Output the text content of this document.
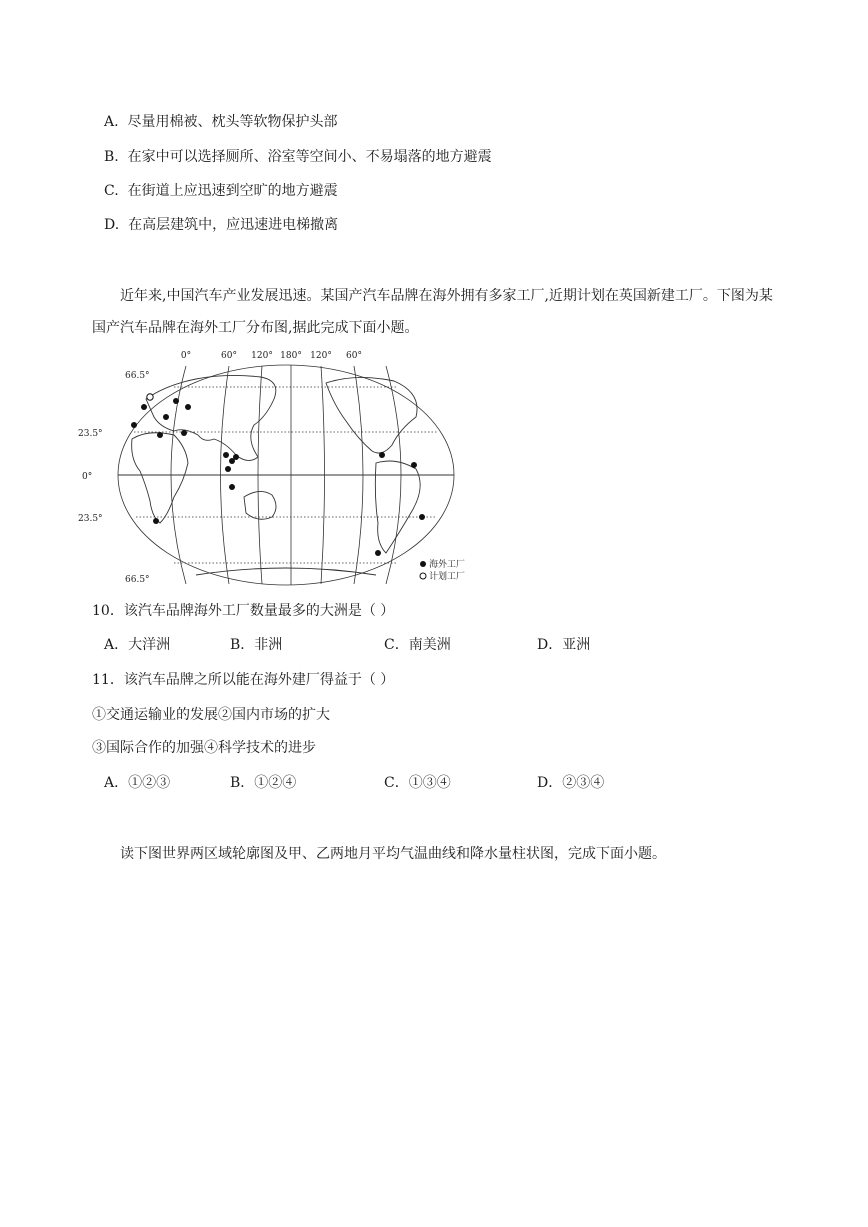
A. 尽量用棉被、枕头等软物保护头部
B. 在家中可以选择厕所、浴室等空间小、不易塌落的地方避震
C. 在街道上应迅速到空旷的地方避震
D. 在高层建筑中，应迅速进电梯撤离
近年来,中国汽车产业发展迅速。某国产汽车品牌在海外拥有多家工厂,近期计划在英国新建工厂。下图为某国产汽车品牌在海外工厂分布图,据此完成下面小题。
0°	60° 120° 180° 120° 60°
66.5°
23.5°
0°
23.5°
66.5°
海外工厂
计划工厂
10．该汽车品牌海外工厂数量最多的大洲是（ ）
A．大洋洲	B．非洲	C．南美洲	D．亚洲
11．该汽车品牌之所以能在海外建厂得益于（ ）
①交通运输业的发展②国内市场的扩大
③国际合作的加强④科学技术的进步
A．①②③	B．①②④	C．①③④	D．②③④
读下图世界两区域轮廓图及甲、乙两地月平均气温曲线和降水量柱状图，完成下面小题。
